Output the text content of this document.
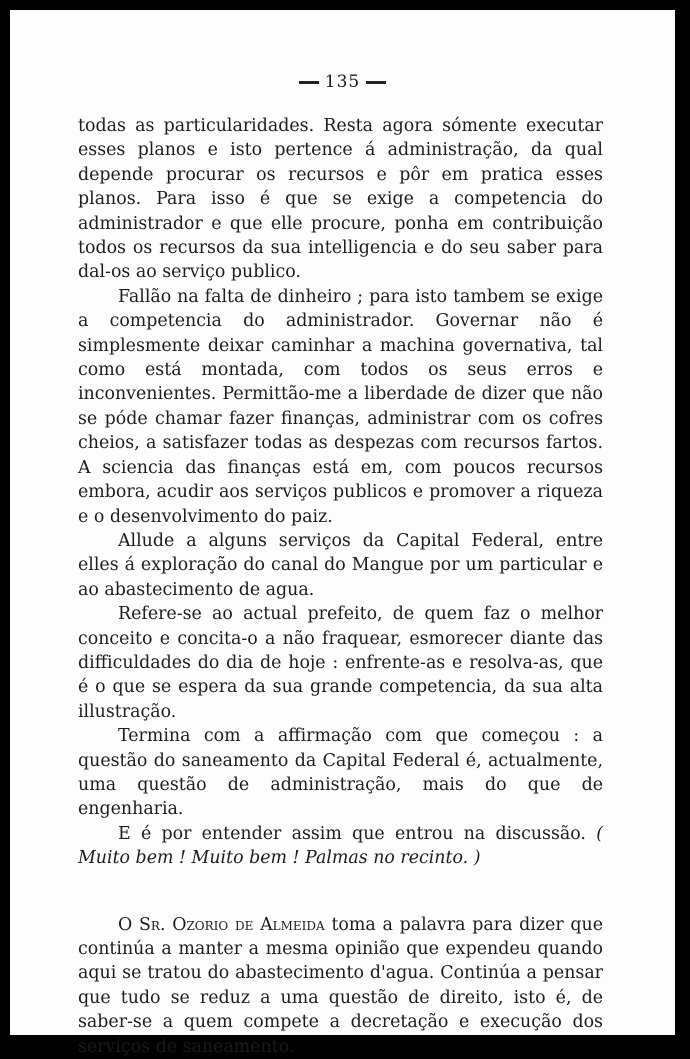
135

todas as particularidades. Resta agora sómente executar esses planos e isto pertence á administração, da qual depende procurar os recursos e pôr em pratica esses planos. Para isso é que se exige a competencia do administrador e que elle procure, ponha em contribuição todos os recursos da sua intelligencia e do seu saber para dal-os ao serviço publico.

Fallão na falta de dinheiro ; para isto tambem se exige a competencia do administrador. Governar não é simplesmente deixar caminhar a machina governativa, tal como está montada, com todos os seus erros e inconvenientes. Permittão-me a liberdade de dizer que não se póde chamar fazer finanças, administrar com os cofres cheios, a satisfazer todas as despezas com recursos fartos. A sciencia das finanças está em, com poucos recursos embora, acudir aos serviços publicos e promover a riqueza e o desenvolvimento do paiz.

Allude a alguns serviços da Capital Federal, entre elles á exploração do canal do Mangue por um particular e ao abastecimento de agua.

Refere-se ao actual prefeito, de quem faz o melhor conceito e concita-o a não fraquear, esmorecer diante das difficuldades do dia de hoje : enfrente-as e resolva-as, que é o que se espera da sua grande competencia, da sua alta illustração.

Termina com a affirmação com que começou : a questão do saneamento da Capital Federal é, actualmente, uma questão de administração, mais do que de engenharia.

E é por entender assim que entrou na discussão. ( Muito bem ! Muito bem ! Palmas no recinto. )

O Sr. Ozorio de Almeida toma a palavra para dizer que continúa a manter a mesma opinião que expendeu quando aqui se tratou do abastecimento d'agua. Continúa a pensar que tudo se reduz a uma questão de direito, isto é, de saber-se a quem compete a decretação e execução dos serviços de saneamento.
